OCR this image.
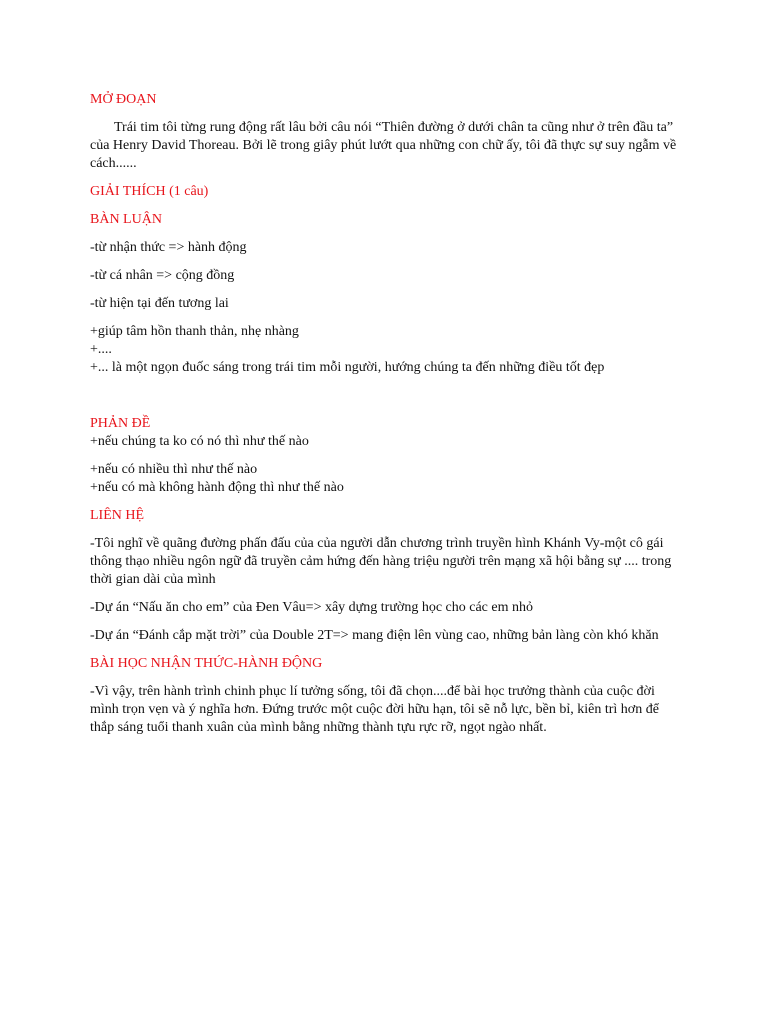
MỞ ĐOẠN

Trái tim tôi từng rung động rất lâu bởi câu nói “Thiên đường ở dưới chân ta cũng như ở trên đầu ta” của Henry David Thoreau. Bởi lẽ trong giây phút lướt qua những con chữ ấy, tôi đã thực sự suy ngẫm về cách......

GIẢI THÍCH (1 câu)

BÀN LUẬN

-từ nhận thức => hành động

-từ cá nhân => cộng đồng

-từ hiện tại đến tương lai

+giúp tâm hồn thanh thản, nhẹ nhàng

+....

+... là một ngọn đuốc sáng trong trái tim mỗi người, hướng chúng ta đến những điều tốt đẹp

PHẢN ĐỀ

+nếu chúng ta ko có nó thì như thế nào

+nếu có nhiều thì như thế nào

+nếu có mà không hành động thì như thế nào

LIÊN HỆ

-Tôi nghĩ về quãng đường phấn đấu của của người dẫn chương trình truyền hình Khánh Vy-một cô gái thông thạo nhiều ngôn ngữ đã truyền cảm hứng đến hàng triệu người trên mạng xã hội bằng sự .... trong thời gian dài của mình

-Dự án “Nấu ăn cho em” của Đen Vâu=> xây dựng trường học cho các em nhỏ

-Dự án “Đánh cắp mặt trời” của Double 2T=> mang điện lên vùng cao, những bản làng còn khó khăn

BÀI HỌC NHẬN THỨC-HÀNH ĐỘNG

-Vì vậy, trên hành trình chinh phục lí tưởng sống, tôi đã chọn....để bài học trưởng thành của cuộc đời mình trọn vẹn và ý nghĩa hơn. Đứng trước một cuộc đời hữu hạn, tôi sẽ nỗ lực, bền bỉ, kiên trì hơn để thắp sáng tuổi thanh xuân của mình bằng những thành tựu rực rỡ, ngọt ngào nhất.
